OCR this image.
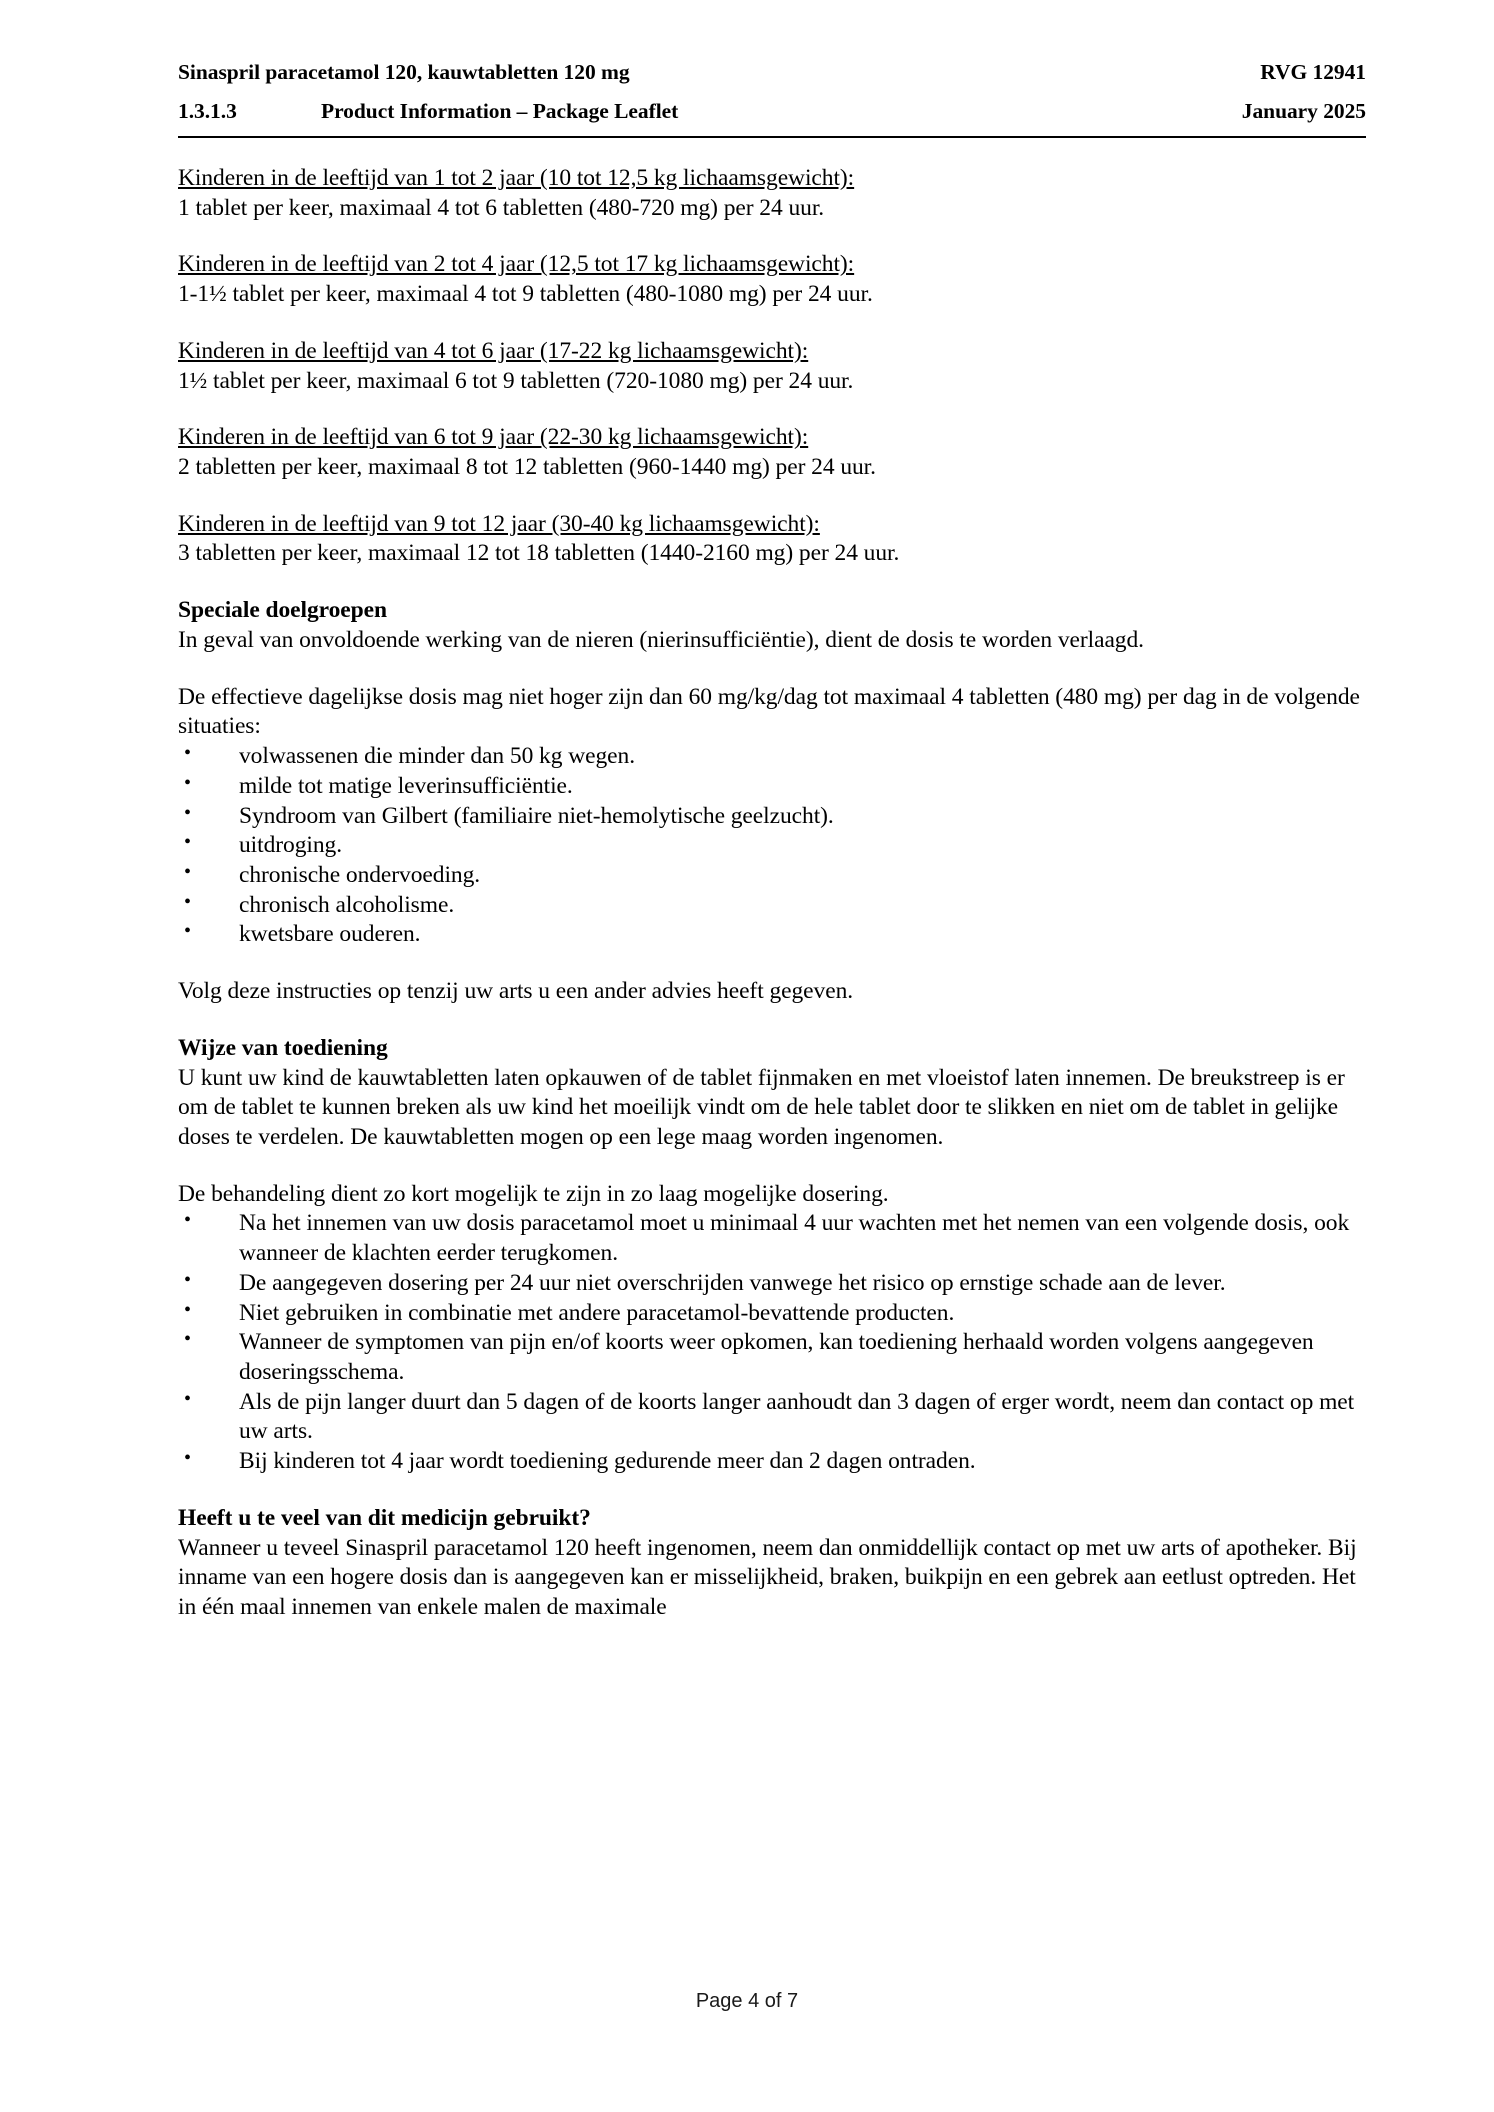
Sinaspril paracetamol 120, kauwtabletten 120 mg	RVG 12941
1.3.1.3	Product Information – Package Leaflet	January 2025

Kinderen in de leeftijd van 1 tot 2 jaar (10 tot 12,5 kg lichaamsgewicht):

1 tablet per keer, maximaal 4 tot 6 tabletten (480-720 mg) per 24 uur.

Kinderen in de leeftijd van 2 tot 4 jaar (12,5 tot 17 kg lichaamsgewicht):

1-1½ tablet per keer, maximaal 4 tot 9 tabletten (480-1080 mg) per 24 uur.

Kinderen in de leeftijd van 4 tot 6 jaar (17-22 kg lichaamsgewicht):

1½ tablet per keer, maximaal 6 tot 9 tabletten (720-1080 mg) per 24 uur.

Kinderen in de leeftijd van 6 tot 9 jaar (22-30 kg lichaamsgewicht):

2 tabletten per keer, maximaal 8 tot 12 tabletten (960-1440 mg) per 24 uur.

Kinderen in de leeftijd van 9 tot 12 jaar (30-40 kg lichaamsgewicht):

3 tabletten per keer, maximaal 12 tot 18 tabletten (1440-2160 mg) per 24 uur.

Speciale doelgroepen

In geval van onvoldoende werking van de nieren (nierinsufficiëntie), dient de dosis te worden verlaagd.

De effectieve dagelijkse dosis mag niet hoger zijn dan 60 mg/kg/dag tot maximaal 4 tabletten (480 mg) per dag in de volgende situaties:

• volwassenen die minder dan 50 kg wegen.
• milde tot matige leverinsufficiëntie.
• Syndroom van Gilbert (familiaire niet-hemolytische geelzucht).
• uitdroging.
• chronische ondervoeding.
• chronisch alcoholisme.
• kwetsbare ouderen.

Volg deze instructies op tenzij uw arts u een ander advies heeft gegeven.

Wijze van toediening

U kunt uw kind de kauwtabletten laten opkauwen of de tablet fijnmaken en met vloeistof laten innemen. De breukstreep is er om de tablet te kunnen breken als uw kind het moeilijk vindt om de hele tablet door te slikken en niet om de tablet in gelijke doses te verdelen. De kauwtabletten mogen op een lege maag worden ingenomen.

De behandeling dient zo kort mogelijk te zijn in zo laag mogelijke dosering.

• Na het innemen van uw dosis paracetamol moet u minimaal 4 uur wachten met het nemen van een volgende dosis, ook wanneer de klachten eerder terugkomen.
• De aangegeven dosering per 24 uur niet overschrijden vanwege het risico op ernstige schade aan de lever.
• Niet gebruiken in combinatie met andere paracetamol-bevattende producten.
• Wanneer de symptomen van pijn en/of koorts weer opkomen, kan toediening herhaald worden volgens aangegeven doseringsschema.
• Als de pijn langer duurt dan 5 dagen of de koorts langer aanhoudt dan 3 dagen of erger wordt, neem dan contact op met uw arts.
• Bij kinderen tot 4 jaar wordt toediening gedurende meer dan 2 dagen ontraden.

Heeft u te veel van dit medicijn gebruikt?

Wanneer u teveel Sinaspril paracetamol 120 heeft ingenomen, neem dan onmiddellijk contact op met uw arts of apotheker. Bij inname van een hogere dosis dan is aangegeven kan er misselijkheid, braken, buikpijn en een gebrek aan eetlust optreden. Het in één maal innemen van enkele malen de maximale

Page 4 of 7
